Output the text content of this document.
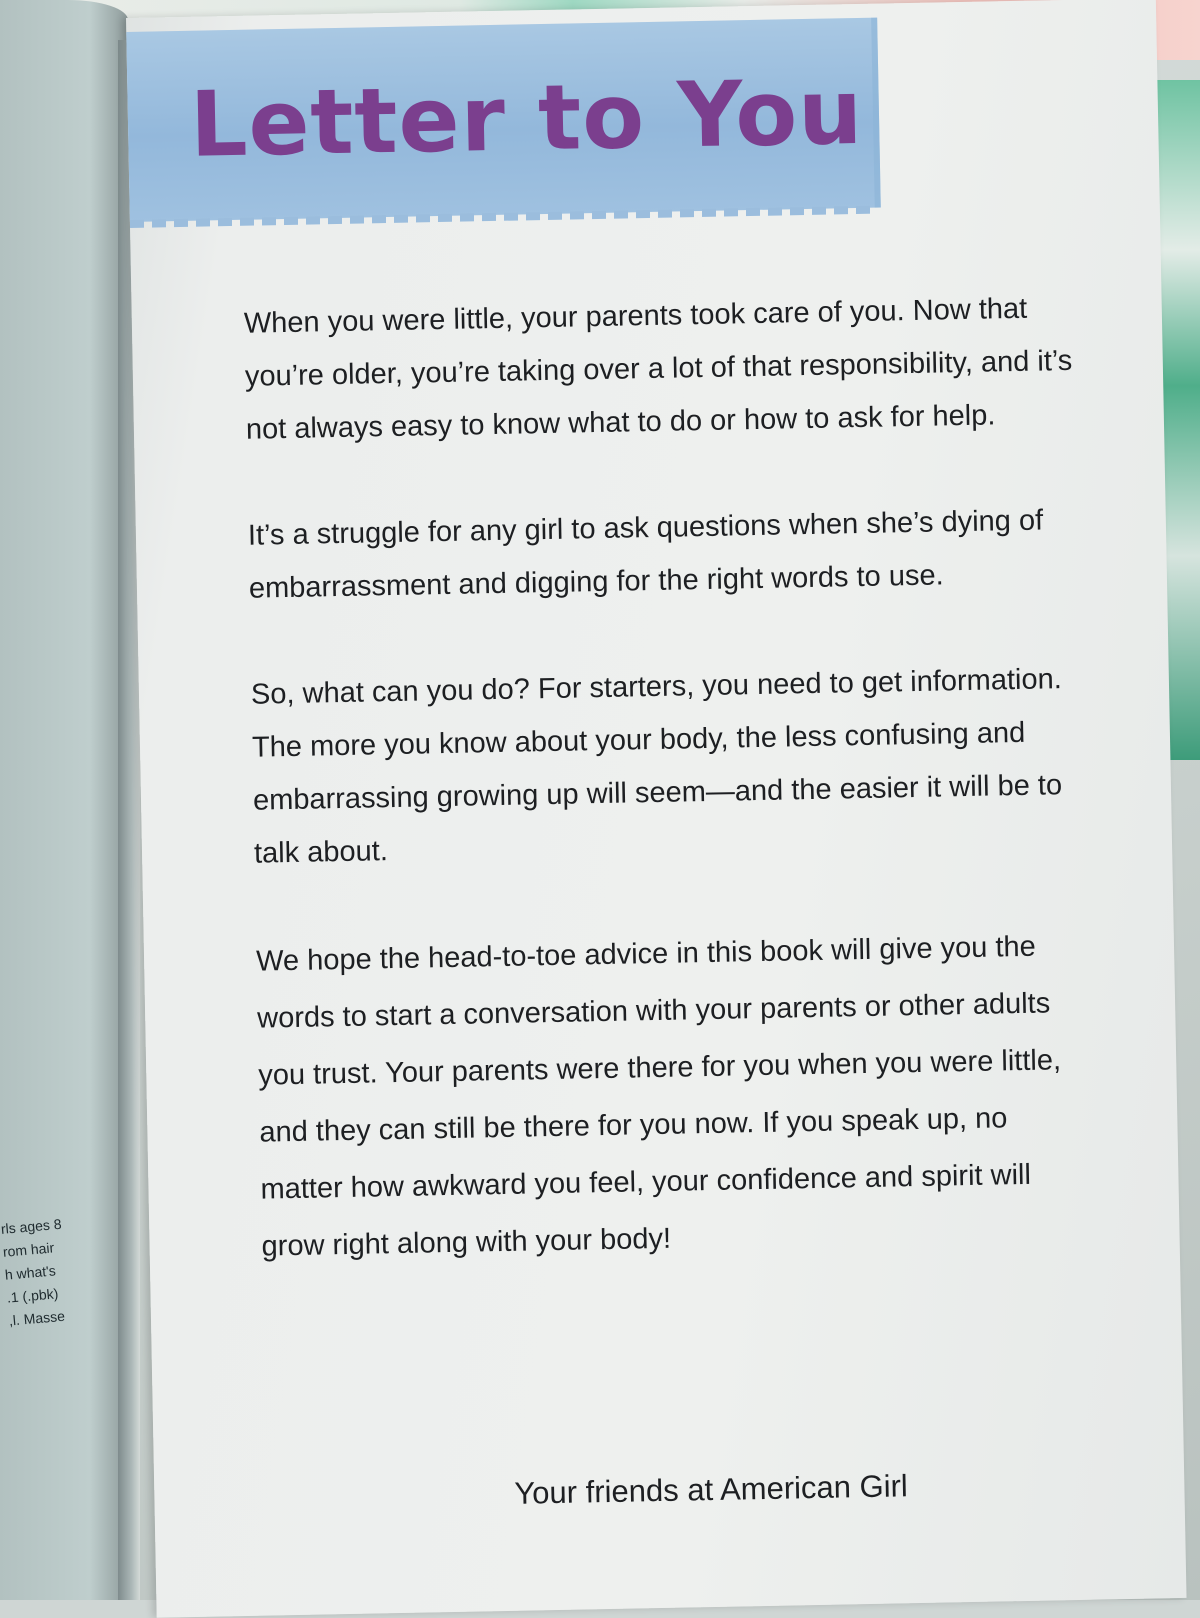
rls ages 8
rom hair
h what's
(pbk.) 1.
l. Masse,
Letter to You

When you were little, your parents took care of you. Now that you’re older, you’re taking over a lot of that responsibility, and it’s not always easy to know what to do or how to ask for help.

It’s a struggle for any girl to ask questions when she’s dying of embarrassment and digging for the right words to use.

So, what can you do? For starters, you need to get information. The more you know about your body, the less confusing and embarrassing growing up will seem—and the easier it will be to talk about.

We hope the head-to-toe advice in this book will give you the words to start a conversation with your parents or other adults you trust. Your parents were there for you when you were little, and they can still be there for you now. If you speak up, no matter how awkward you feel, your confidence and spirit will grow right along with your body!

Your friends at American Girl
